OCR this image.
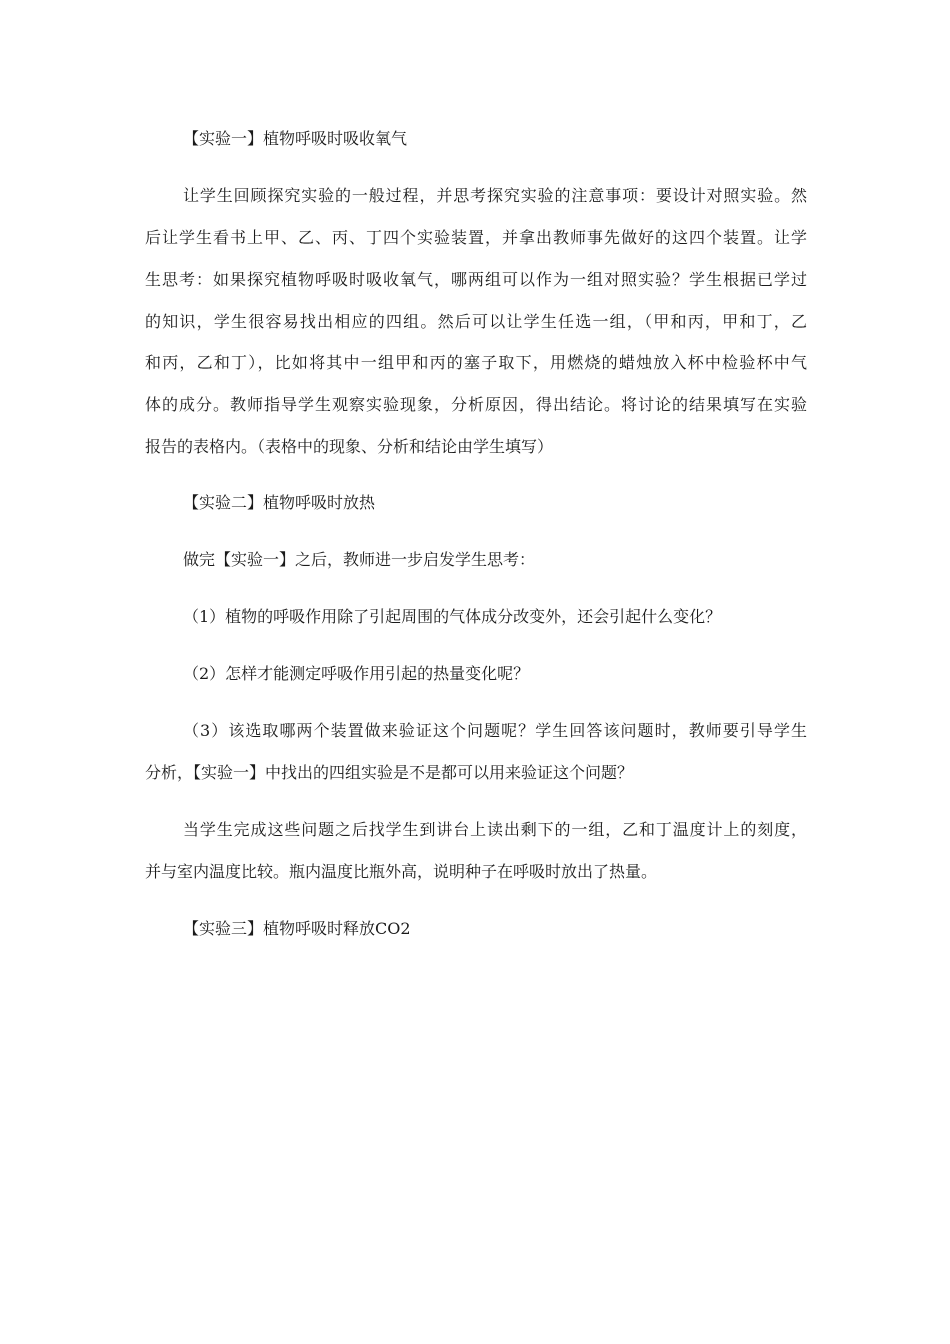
【实验一】植物呼吸时吸收氧气
让学生回顾探究实验的一般过程，并思考探究实验的注意事项：要设计对照实验。然
后让学生看书上甲、乙、丙、丁四个实验装置，并拿出教师事先做好的这四个装置。让学
生思考：如果探究植物呼吸时吸收氧气，哪两组可以作为一组对照实验？学生根据已学过
的知识，学生很容易找出相应的四组。然后可以让学生任选一组，（甲和丙，甲和丁，乙
和丙，乙和丁），比如将其中一组甲和丙的塞子取下，用燃烧的蜡烛放入杯中检验杯中气
体的成分。教师指导学生观察实验现象，分析原因，得出结论。将讨论的结果填写在实验
报告的表格内。（表格中的现象、分析和结论由学生填写）
【实验二】植物呼吸时放热
做完【实验一】之后，教师进一步启发学生思考：
（1）植物的呼吸作用除了引起周围的气体成分改变外，还会引起什么变化？
（2）怎样才能测定呼吸作用引起的热量变化呢？
（3）该选取哪两个装置做来验证这个问题呢？学生回答该问题时，教师要引导学生
分析，【实验一】中找出的四组实验是不是都可以用来验证这个问题？
当学生完成这些问题之后找学生到讲台上读出剩下的一组，乙和丁温度计上的刻度，
并与室内温度比较。瓶内温度比瓶外高，说明种子在呼吸时放出了热量。
【实验三】植物呼吸时释放CO2
